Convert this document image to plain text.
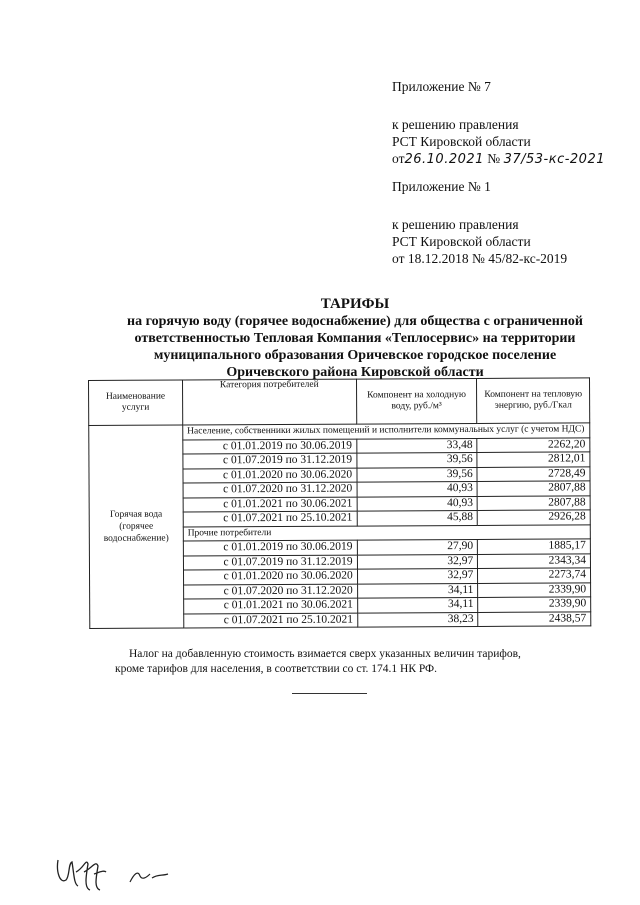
Приложение № 7
к решению правления
РСТ Кировской области
от26.10.2021 № 37/53-кс-2021
Приложение № 1
к решению правления
РСТ Кировской области
от 18.12.2018 № 45/82-кс-2019
ТАРИФЫ
на горячую воду (горячее водоснабжение) для общества с ограниченной
ответственностью Тепловая Компания «Теплосервис» на территории
муниципального образования Оричевское городское поселение
Оричевского района Кировской области
Наименование услуги	Категория потребителей	Компонент на холодную воду, руб./м³	Компонент на тепловую энергию, руб./Гкал
Горячая вода (горячее водоснабжение)	Население, собственники жилых помещений и исполнители коммунальных услуг (с учетом НДС)		
	с 01.01.2019 по 30.06.2019	33,48	2262,20
	с 01.07.2019 по 31.12.2019	39,56	2812,01
	с 01.01.2020 по 30.06.2020	39,56	2728,49
	с 01.07.2020 по 31.12.2020	40,93	2807,88
	с 01.01.2021 по 30.06.2021	40,93	2807,88
	с 01.07.2021 по 25.10.2021	45,88	2926,28
	Прочие потребители		
	с 01.01.2019 по 30.06.2019	27,90	1885,17
	с 01.07.2019 по 31.12.2019	32,97	2343,34
	с 01.01.2020 по 30.06.2020	32,97	2273,74
	с 01.07.2020 по 31.12.2020	34,11	2339,90
	с 01.01.2021 по 30.06.2021	34,11	2339,90
	с 01.07.2021 по 25.10.2021	38,23	2438,57
Налог на добавленную стоимость взимается сверх указанных величин тарифов,
кроме тарифов для населения, в соответствии со ст. 174.1 НК РФ.
